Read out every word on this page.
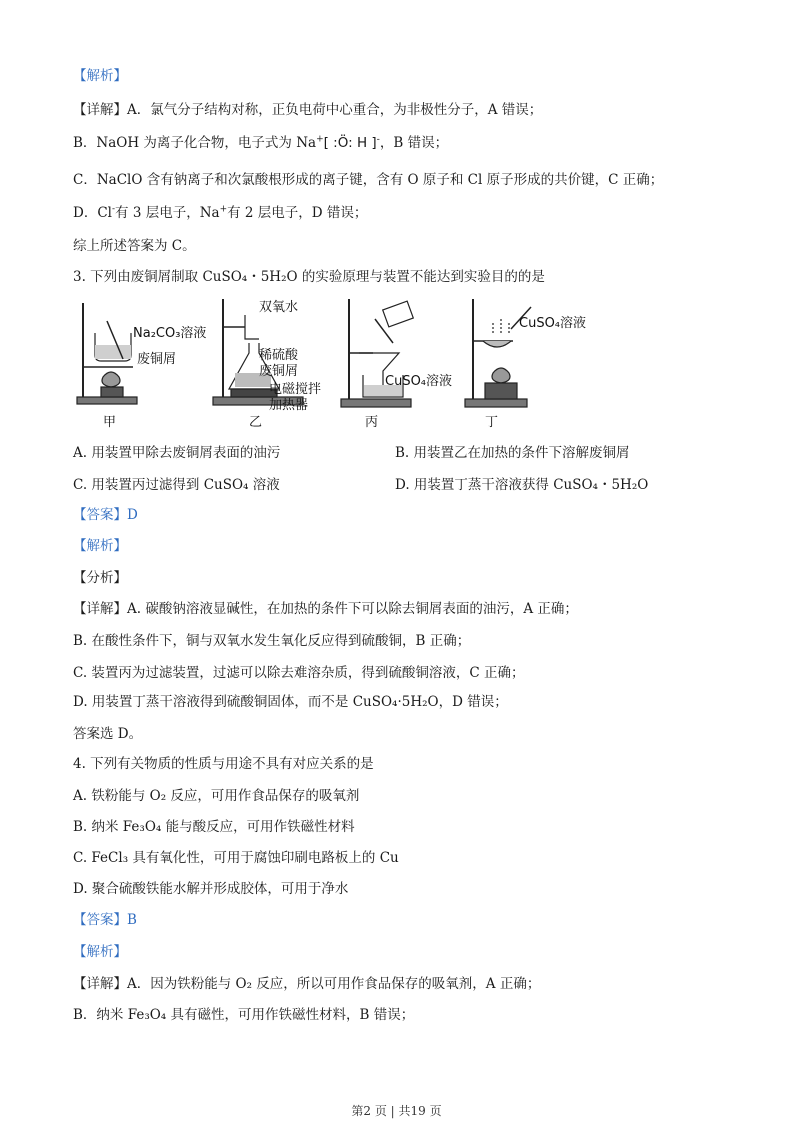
【解析】
【详解】A．氯气分子结构对称，正负电荷中心重合，为非极性分子，A 错误；
B．NaOH 为离子化合物，电子式为 Na+[ :Ö: H ]-，B 错误；
C．NaClO 含有钠离子和次氯酸根形成的离子键，含有 O 原子和 Cl 原子形成的共价键，C 正确；
D．Cl-有 3 层电子，Na+有 2 层电子，D 错误；
综上所述答案为 C。
3. 下列由废铜屑制取 CuSO₄・5H₂O 的实验原理与装置不能达到实验目的的是
Na₂CO₃溶液
废铜屑
双氧水
稀硫酸
废铜屑
电磁搅拌
加热器
CuSO₄溶液
CuSO₄溶液
甲	乙	丙	丁
A. 用装置甲除去废铜屑表面的油污	B. 用装置乙在加热的条件下溶解废铜屑
C. 用装置丙过滤得到 CuSO₄ 溶液	D. 用装置丁蒸干溶液获得 CuSO₄・5H₂O
【答案】D
【解析】
【分析】
【详解】A. 碳酸钠溶液显碱性，在加热的条件下可以除去铜屑表面的油污，A 正确；
B. 在酸性条件下，铜与双氧水发生氧化反应得到硫酸铜，B 正确；
C. 装置丙为过滤装置，过滤可以除去难溶杂质，得到硫酸铜溶液，C 正确；
D. 用装置丁蒸干溶液得到硫酸铜固体，而不是 CuSO₄·5H₂O，D 错误；
答案选 D。
4. 下列有关物质的性质与用途不具有对应关系的是
A. 铁粉能与 O₂ 反应，可用作食品保存的吸氧剂
B. 纳米 Fe₃O₄ 能与酸反应，可用作铁磁性材料
C. FeCl₃ 具有氧化性，可用于腐蚀印刷电路板上的 Cu
D. 聚合硫酸铁能水解并形成胶体，可用于净水
【答案】B
【解析】
【详解】A．因为铁粉能与 O₂ 反应，所以可用作食品保存的吸氧剂，A 正确；
B．纳米 Fe₃O₄ 具有磁性，可用作铁磁性材料，B 错误；
第2 页 | 共19 页
